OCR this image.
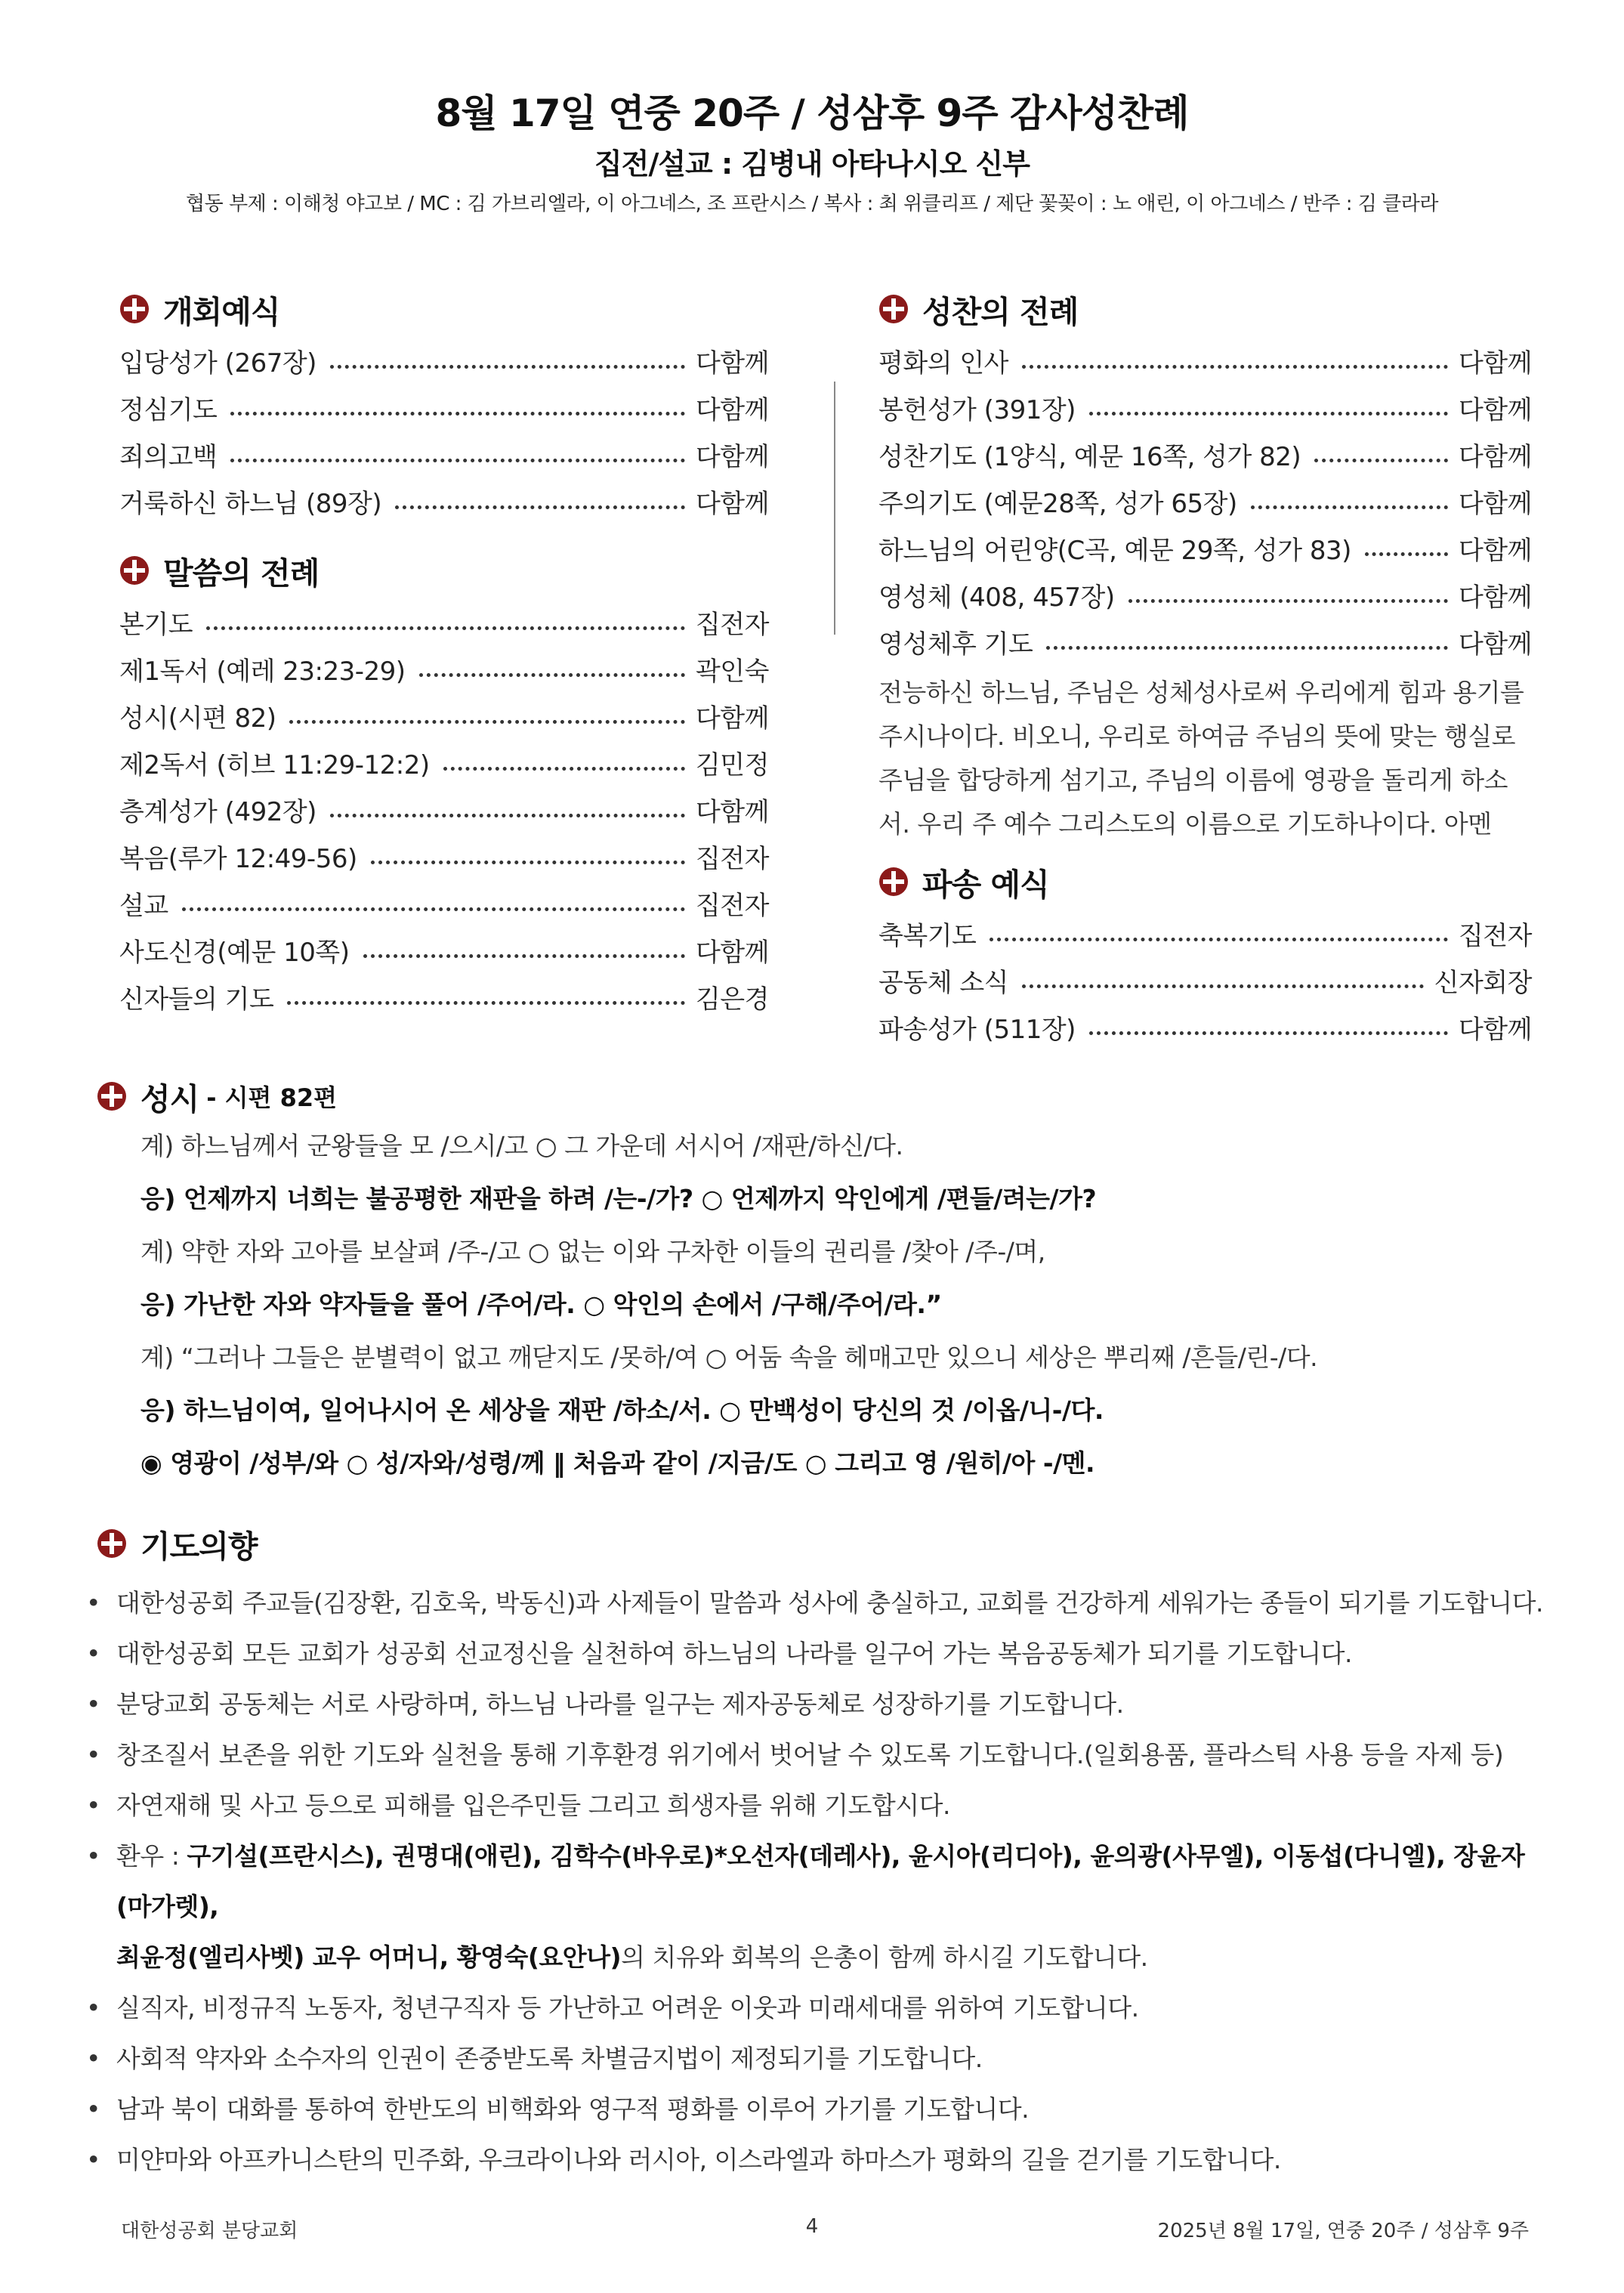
8월 17일 연중 20주 / 성삼후 9주 감사성찬례
집전/설교 : 김병내 아타나시오 신부
협동 부제 : 이해청 야고보 / MC : 김 가브리엘라, 이 아그네스, 조 프란시스 / 복사 : 최 위클리프 / 제단 꽃꽂이 : 노 애린, 이 아그네스 / 반주 : 김 클라라
개회예식
입당성가 (267장)	다함께
정심기도	다함께
죄의고백	다함께
거룩하신 하느님 (89장)	다함께
말씀의 전례
본기도	집전자
제1독서 (예레 23:23-29)	곽인숙
성시(시편 82)	다함께
제2독서 (히브 11:29-12:2)	김민정
층계성가 (492장)	다함께
복음(루가 12:49-56)	집전자
설교	집전자
사도신경(예문 10쪽)	다함께
신자들의 기도	김은경
성찬의 전례
평화의 인사	다함께
봉헌성가 (391장)	다함께
성찬기도 (1양식, 예문 16쪽, 성가 82)	다함께
주의기도 (예문28쪽, 성가 65장)	다함께
하느님의 어린양(C곡, 예문 29쪽, 성가 83)	다함께
영성체 (408, 457장)	다함께
영성체후 기도	다함께
전능하신 하느님, 주님은 성체성사로써 우리에게 힘과 용기를 주시나이다. 비오니, 우리로 하여금 주님의 뜻에 맞는 행실로 주님을 합당하게 섬기고, 주님의 이름에 영광을 돌리게 하소서. 우리 주 예수 그리스도의 이름으로 기도하나이다. 아멘
파송 예식
축복기도	집전자
공동체 소식	신자회장
파송성가 (511장)	다함께
성시 - 시편 82편
계) 하느님께서 군왕들을 모 /으시/고 ○ 그 가운데 서시어 /재판/하신/다.
응) 언제까지 너희는 불공평한 재판을 하려 /는-/가? ○ 언제까지 악인에게 /편들/려는/가?
계) 약한 자와 고아를 보살펴 /주-/고 ○ 없는 이와 구차한 이들의 권리를 /찾아 /주-/며,
응) 가난한 자와 약자들을 풀어 /주어/라. ○ 악인의 손에서 /구해/주어/라.”
계) “그러나 그들은 분별력이 없고 깨닫지도 /못하/여 ○ 어둠 속을 헤매고만 있으니 세상은 뿌리째 /흔들/린-/다.
응) 하느님이여, 일어나시어 온 세상을 재판 /하소/서. ○ 만백성이 당신의 것 /이옵/니-/다.
◉ 영광이 /성부/와 ○ 성/자와/성령/께 ‖ 처음과 같이 /지금/도 ○ 그리고 영 /원히/아 -/멘.
기도의향
• 대한성공회 주교들(김장환, 김호욱, 박동신)과 사제들이 말씀과 성사에 충실하고, 교회를 건강하게 세워가는 종들이 되기를 기도합니다.
• 대한성공회 모든 교회가 성공회 선교정신을 실천하여 하느님의 나라를 일구어 가는 복음공동체가 되기를 기도합니다.
• 분당교회 공동체는 서로 사랑하며, 하느님 나라를 일구는 제자공동체로 성장하기를 기도합니다.
• 창조질서 보존을 위한 기도와 실천을 통해 기후환경 위기에서 벗어날 수 있도록 기도합니다.(일회용품, 플라스틱 사용 등을 자제 등)
• 자연재해 및 사고 등으로 피해를 입은주민들 그리고 희생자를 위해 기도합시다.
• 환우 : 구기설(프란시스), 권명대(애린), 김학수(바우로)*오선자(데레사), 윤시아(리디아), 윤의광(사무엘), 이동섭(다니엘), 장윤자(마가렛),
최윤정(엘리사벳) 교우 어머니, 황영숙(요안나)의 치유와 회복의 은총이 함께 하시길 기도합니다.
• 실직자, 비정규직 노동자, 청년구직자 등 가난하고 어려운 이웃과 미래세대를 위하여 기도합니다.
• 사회적 약자와 소수자의 인권이 존중받도록 차별금지법이 제정되기를 기도합니다.
• 남과 북이 대화를 통하여 한반도의 비핵화와 영구적 평화를 이루어 가기를 기도합니다.
• 미얀마와 아프카니스탄의 민주화, 우크라이나와 러시아, 이스라엘과 하마스가 평화의 길을 걷기를 기도합니다.
대한성공회 분당교회	4	2025년 8월 17일, 연중 20주 / 성삼후 9주
